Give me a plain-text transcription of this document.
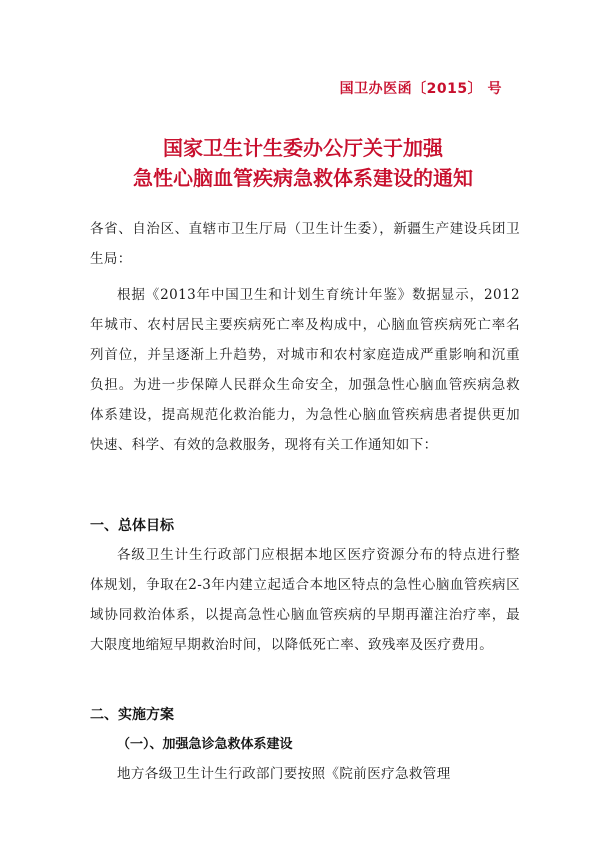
国卫办医函〔2015〕 号
国家卫生计生委办公厅关于加强
急性心脑血管疾病急救体系建设的通知
各省、自治区、直辖市卫生厅局（卫生计生委），新疆生产建设兵团卫生局：
根据《2013年中国卫生和计划生育统计年鉴》数据显示，2012年城市、农村居民主要疾病死亡率及构成中，心脑血管疾病死亡率名列首位，并呈逐渐上升趋势，对城市和农村家庭造成严重影响和沉重负担。为进一步保障人民群众生命安全，加强急性心脑血管疾病急救体系建设，提高规范化救治能力，为急性心脑血管疾病患者提供更加快速、科学、有效的急救服务，现将有关工作通知如下：
一、总体目标
各级卫生计生行政部门应根据本地区医疗资源分布的特点进行整体规划，争取在2-3年内建立起适合本地区特点的急性心脑血管疾病区域协同救治体系，以提高急性心脑血管疾病的早期再灌注治疗率，最大限度地缩短早期救治时间，以降低死亡率、致残率及医疗费用。
二、实施方案
（一）、加强急诊急救体系建设
地方各级卫生计生行政部门要按照《院前医疗急救管理
